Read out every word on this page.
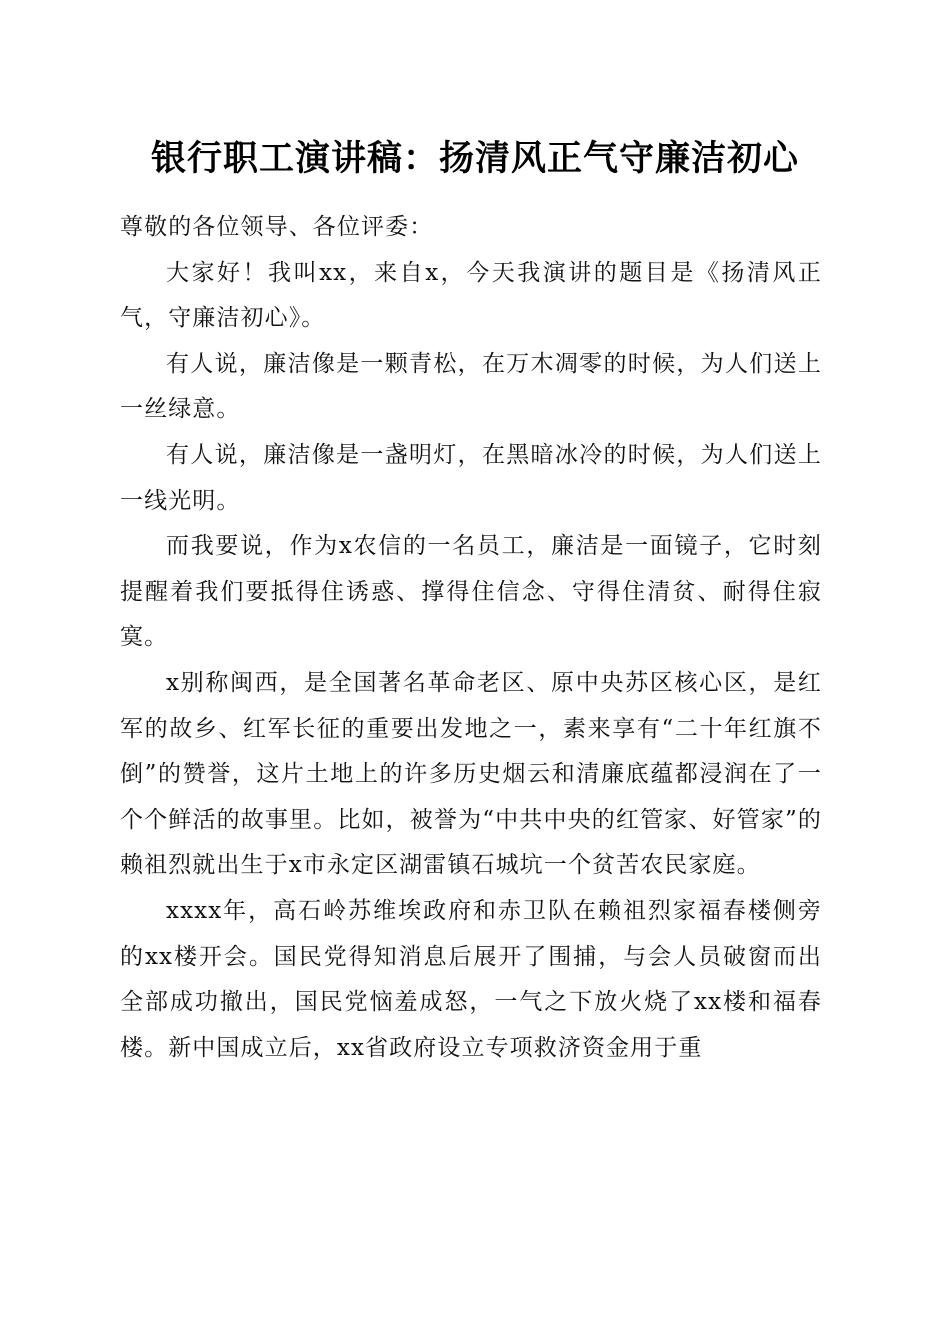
银行职工演讲稿：扬清风正气守廉洁初心

尊敬的各位领导、各位评委：

大家好！我叫xx，来自x，今天我演讲的题目是《扬清风正气，守廉洁初心》。

有人说，廉洁像是一颗青松，在万木凋零的时候，为人们送上一丝绿意。

有人说，廉洁像是一盏明灯，在黑暗冰冷的时候，为人们送上一线光明。

而我要说，作为x农信的一名员工，廉洁是一面镜子，它时刻提醒着我们要抵得住诱惑、撑得住信念、守得住清贫、耐得住寂寞。

x别称闽西，是全国著名革命老区、原中央苏区核心区，是红军的故乡、红军长征的重要出发地之一，素来享有“二十年红旗不倒”的赞誉，这片土地上的许多历史烟云和清廉底蕴都浸润在了一个个鲜活的故事里。比如，被誉为“中共中央的红管家、好管家”的赖祖烈就出生于x市永定区湖雷镇石城坑一个贫苦农民家庭。

xxxx年，高石岭苏维埃政府和赤卫队在赖祖烈家福春楼侧旁的xx楼开会。国民党得知消息后展开了围捕，与会人员破窗而出全部成功撤出，国民党恼羞成怒，一气之下放火烧了xx楼和福春楼。新中国成立后，xx省政府设立专项救济资金用于重
